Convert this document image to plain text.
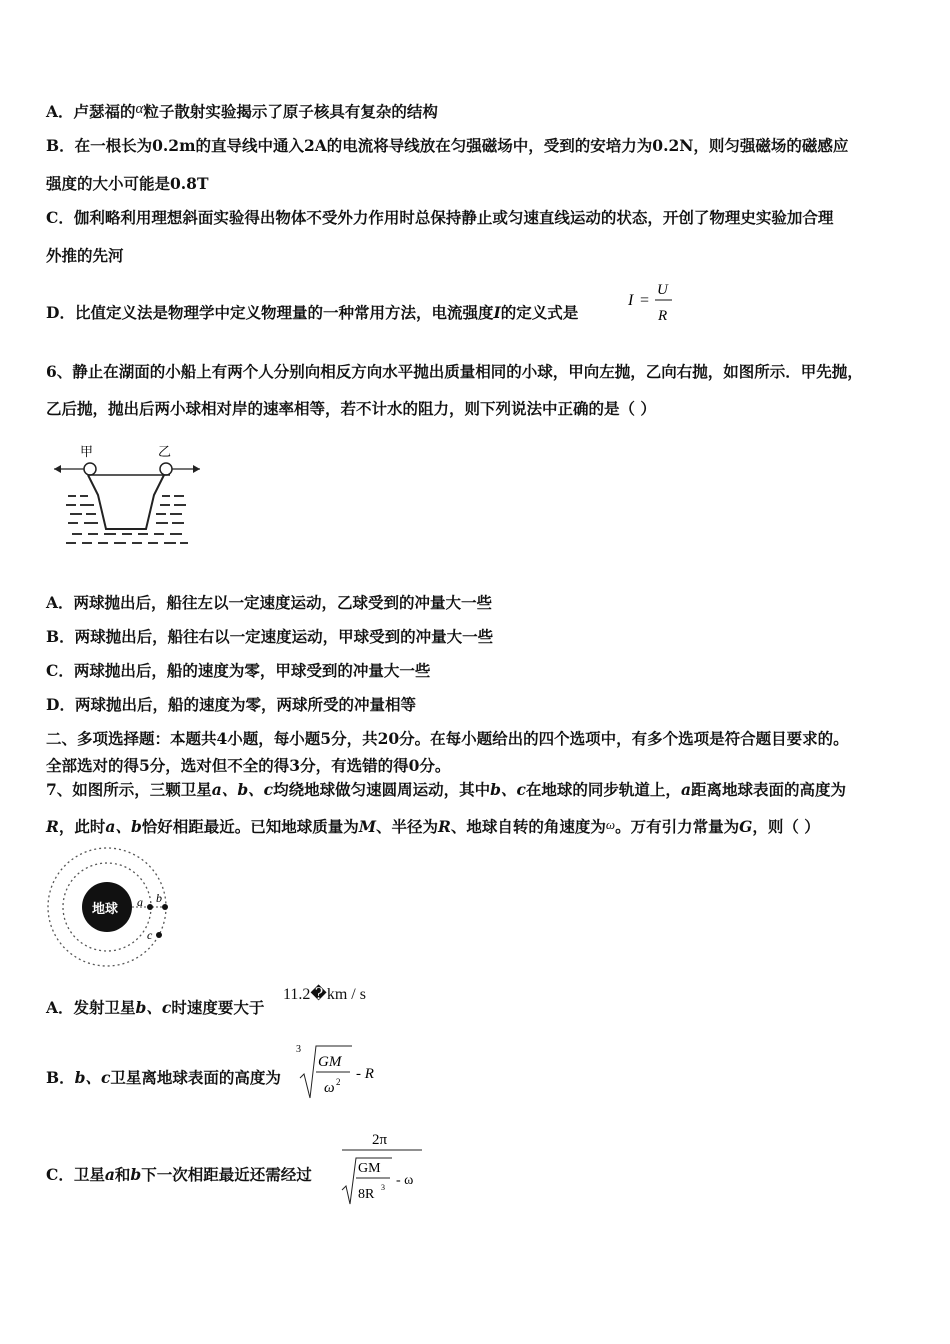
A．卢瑟福的α粒子散射实验揭示了原子核具有复杂的结构
B．在一根长为0.2m的直导线中通入2A的电流将导线放在匀强磁场中，受到的安培力为0.2N，则匀强磁场的磁感应
强度的大小可能是0.8T
C．伽利略利用理想斜面实验得出物体不受外力作用时总保持静止或匀速直线运动的状态，开创了物理史实验加合理
外推的先河
D．比值定义法是物理学中定义物理量的一种常用方法，电流强度I的定义式是
I =
U
R
6、静止在湖面的小船上有两个人分别向相反方向水平抛出质量相同的小球，甲向左抛，乙向右抛，如图所示．甲先抛，
乙后抛，抛出后两小球相对岸的速率相等，若不计水的阻力，则下列说法中正确的是（ ）
甲	乙
A．两球抛出后，船往左以一定速度运动，乙球受到的冲量大一些
B．两球抛出后，船往右以一定速度运动，甲球受到的冲量大一些
C．两球抛出后，船的速度为零，甲球受到的冲量大一些
D．两球抛出后，船的速度为零，两球所受的冲量相等
二、多项选择题：本题共4小题，每小题5分，共20分。在每小题给出的四个选项中，有多个选项是符合题目要求的。
全部选对的得5分，选对但不全的得3分，有选错的得0分。
7、如图所示，三颗卫星a、b、c均绕地球做匀速圆周运动，其中b、c在地球的同步轨道上，a距离地球表面的高度为
R，此时a、b恰好相距最近。已知地球质量为M、半径为R、地球自转的角速度为ω。万有引力常量为G，则（ ）
地球 a b
c
A．发射卫星b、c时速度要大于
11.2�km / s
B．b、c卫星离地球表面的高度为
3
GM
ω 2 - R
C．卫星a和b下一次相距最近还需经过
2π
GM
8R 3 - ω
